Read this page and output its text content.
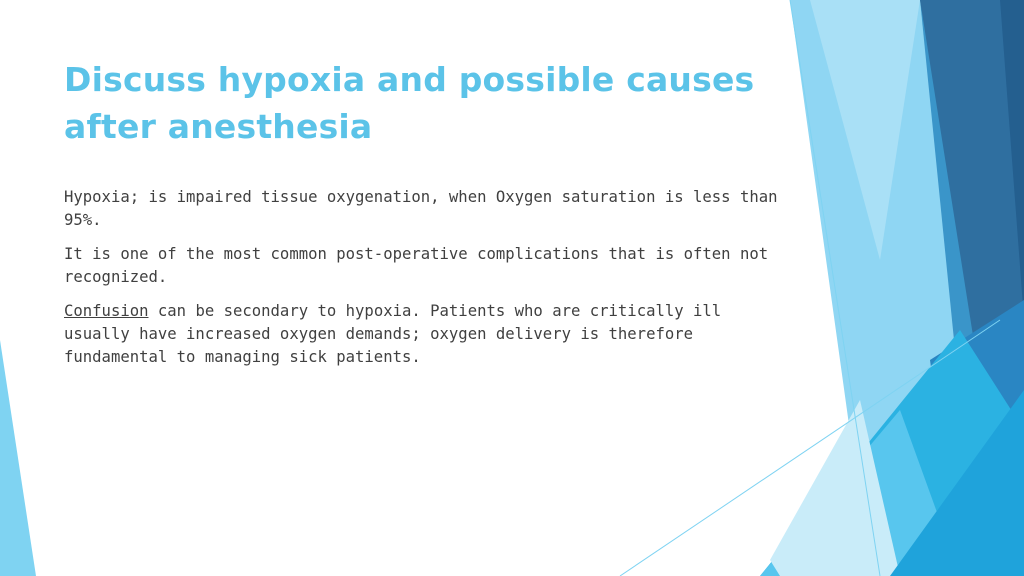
Discuss hypoxia and possible causes
after anesthesia

Hypoxia; is impaired tissue oxygenation, when Oxygen saturation is less than 95%.

It is one of the most common post-operative complications that is often not recognized.

Confusion can be secondary to hypoxia. Patients who are critically ill usually have increased oxygen demands; oxygen delivery is therefore fundamental to managing sick patients.
